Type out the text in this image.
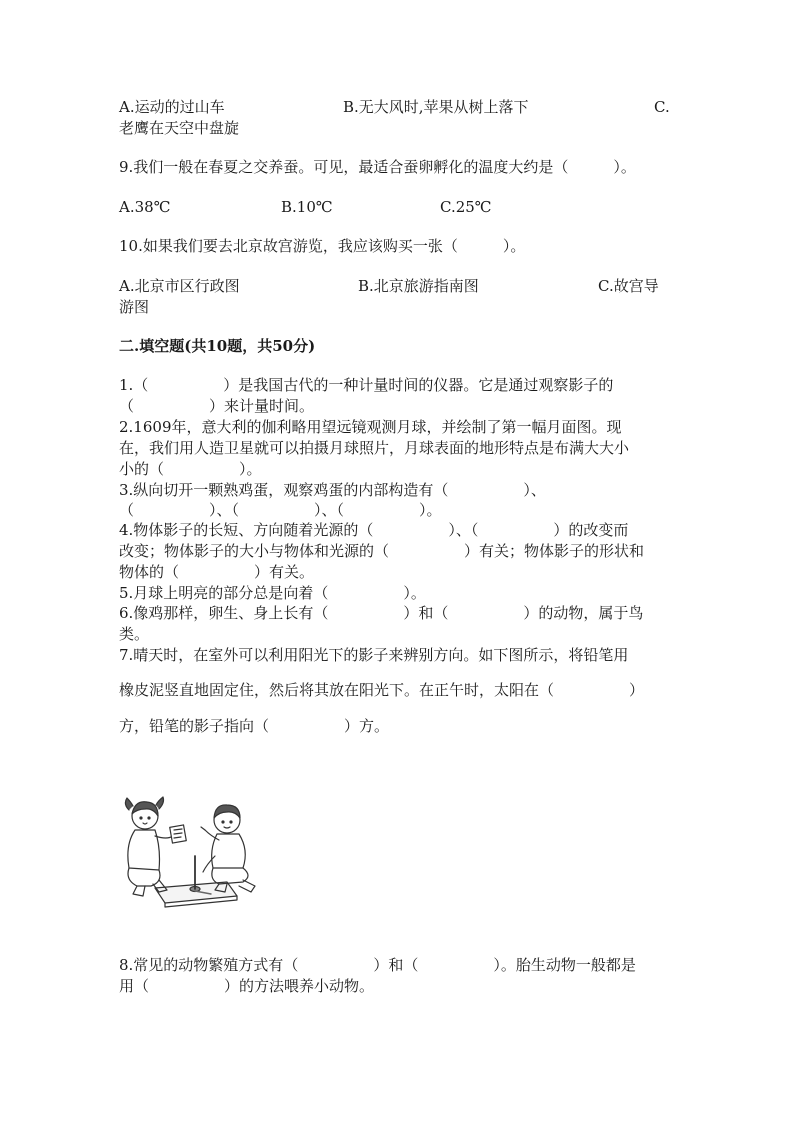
A.运动的过山车	B.无大风时,苹果从树上落下	C.
老鹰在天空中盘旋
9.我们一般在春夏之交养蚕。可见，最适合蚕卵孵化的温度大约是（　　　）。
A.38℃	B.10℃	C.25℃
10.如果我们要去北京故宫游览，我应该购买一张（　　　）。
A.北京市区行政图	B.北京旅游指南图	C.故宫导
游图
二.填空题(共10题，共50分)
1.（　　　　　）是我国古代的一种计量时间的仪器。它是通过观察影子的
（　　　　　）来计量时间。
2.1609年，意大利的伽利略用望远镜观测月球，并绘制了第一幅月面图。现
在，我们用人造卫星就可以拍摄月球照片，月球表面的地形特点是布满大大小
小的（　　　　　）。
3.纵向切开一颗熟鸡蛋，观察鸡蛋的内部构造有（　　　　　）、
（　　　　　）、（　　　　　）、（　　　　　）。
4.物体影子的长短、方向随着光源的（　　　　　）、（　　　　　）的改变而
改变；物体影子的大小与物体和光源的（　　　　　）有关；物体影子的形状和
物体的（　　　　　）有关。
5.月球上明亮的部分总是向着（　　　　　）。
6.像鸡那样，卵生、身上长有（　　　　　）和（　　　　　）的动物，属于鸟
类。
7.晴天时，在室外可以利用阳光下的影子来辨别方向。如下图所示，将铅笔用
橡皮泥竖直地固定住，然后将其放在阳光下。在正午时，太阳在（　　　　　）
方，铅笔的影子指向（　　　　　）方。
8.常见的动物繁殖方式有（　　　　　）和（　　　　　）。胎生动物一般都是
用（　　　　　）的方法喂养小动物。
